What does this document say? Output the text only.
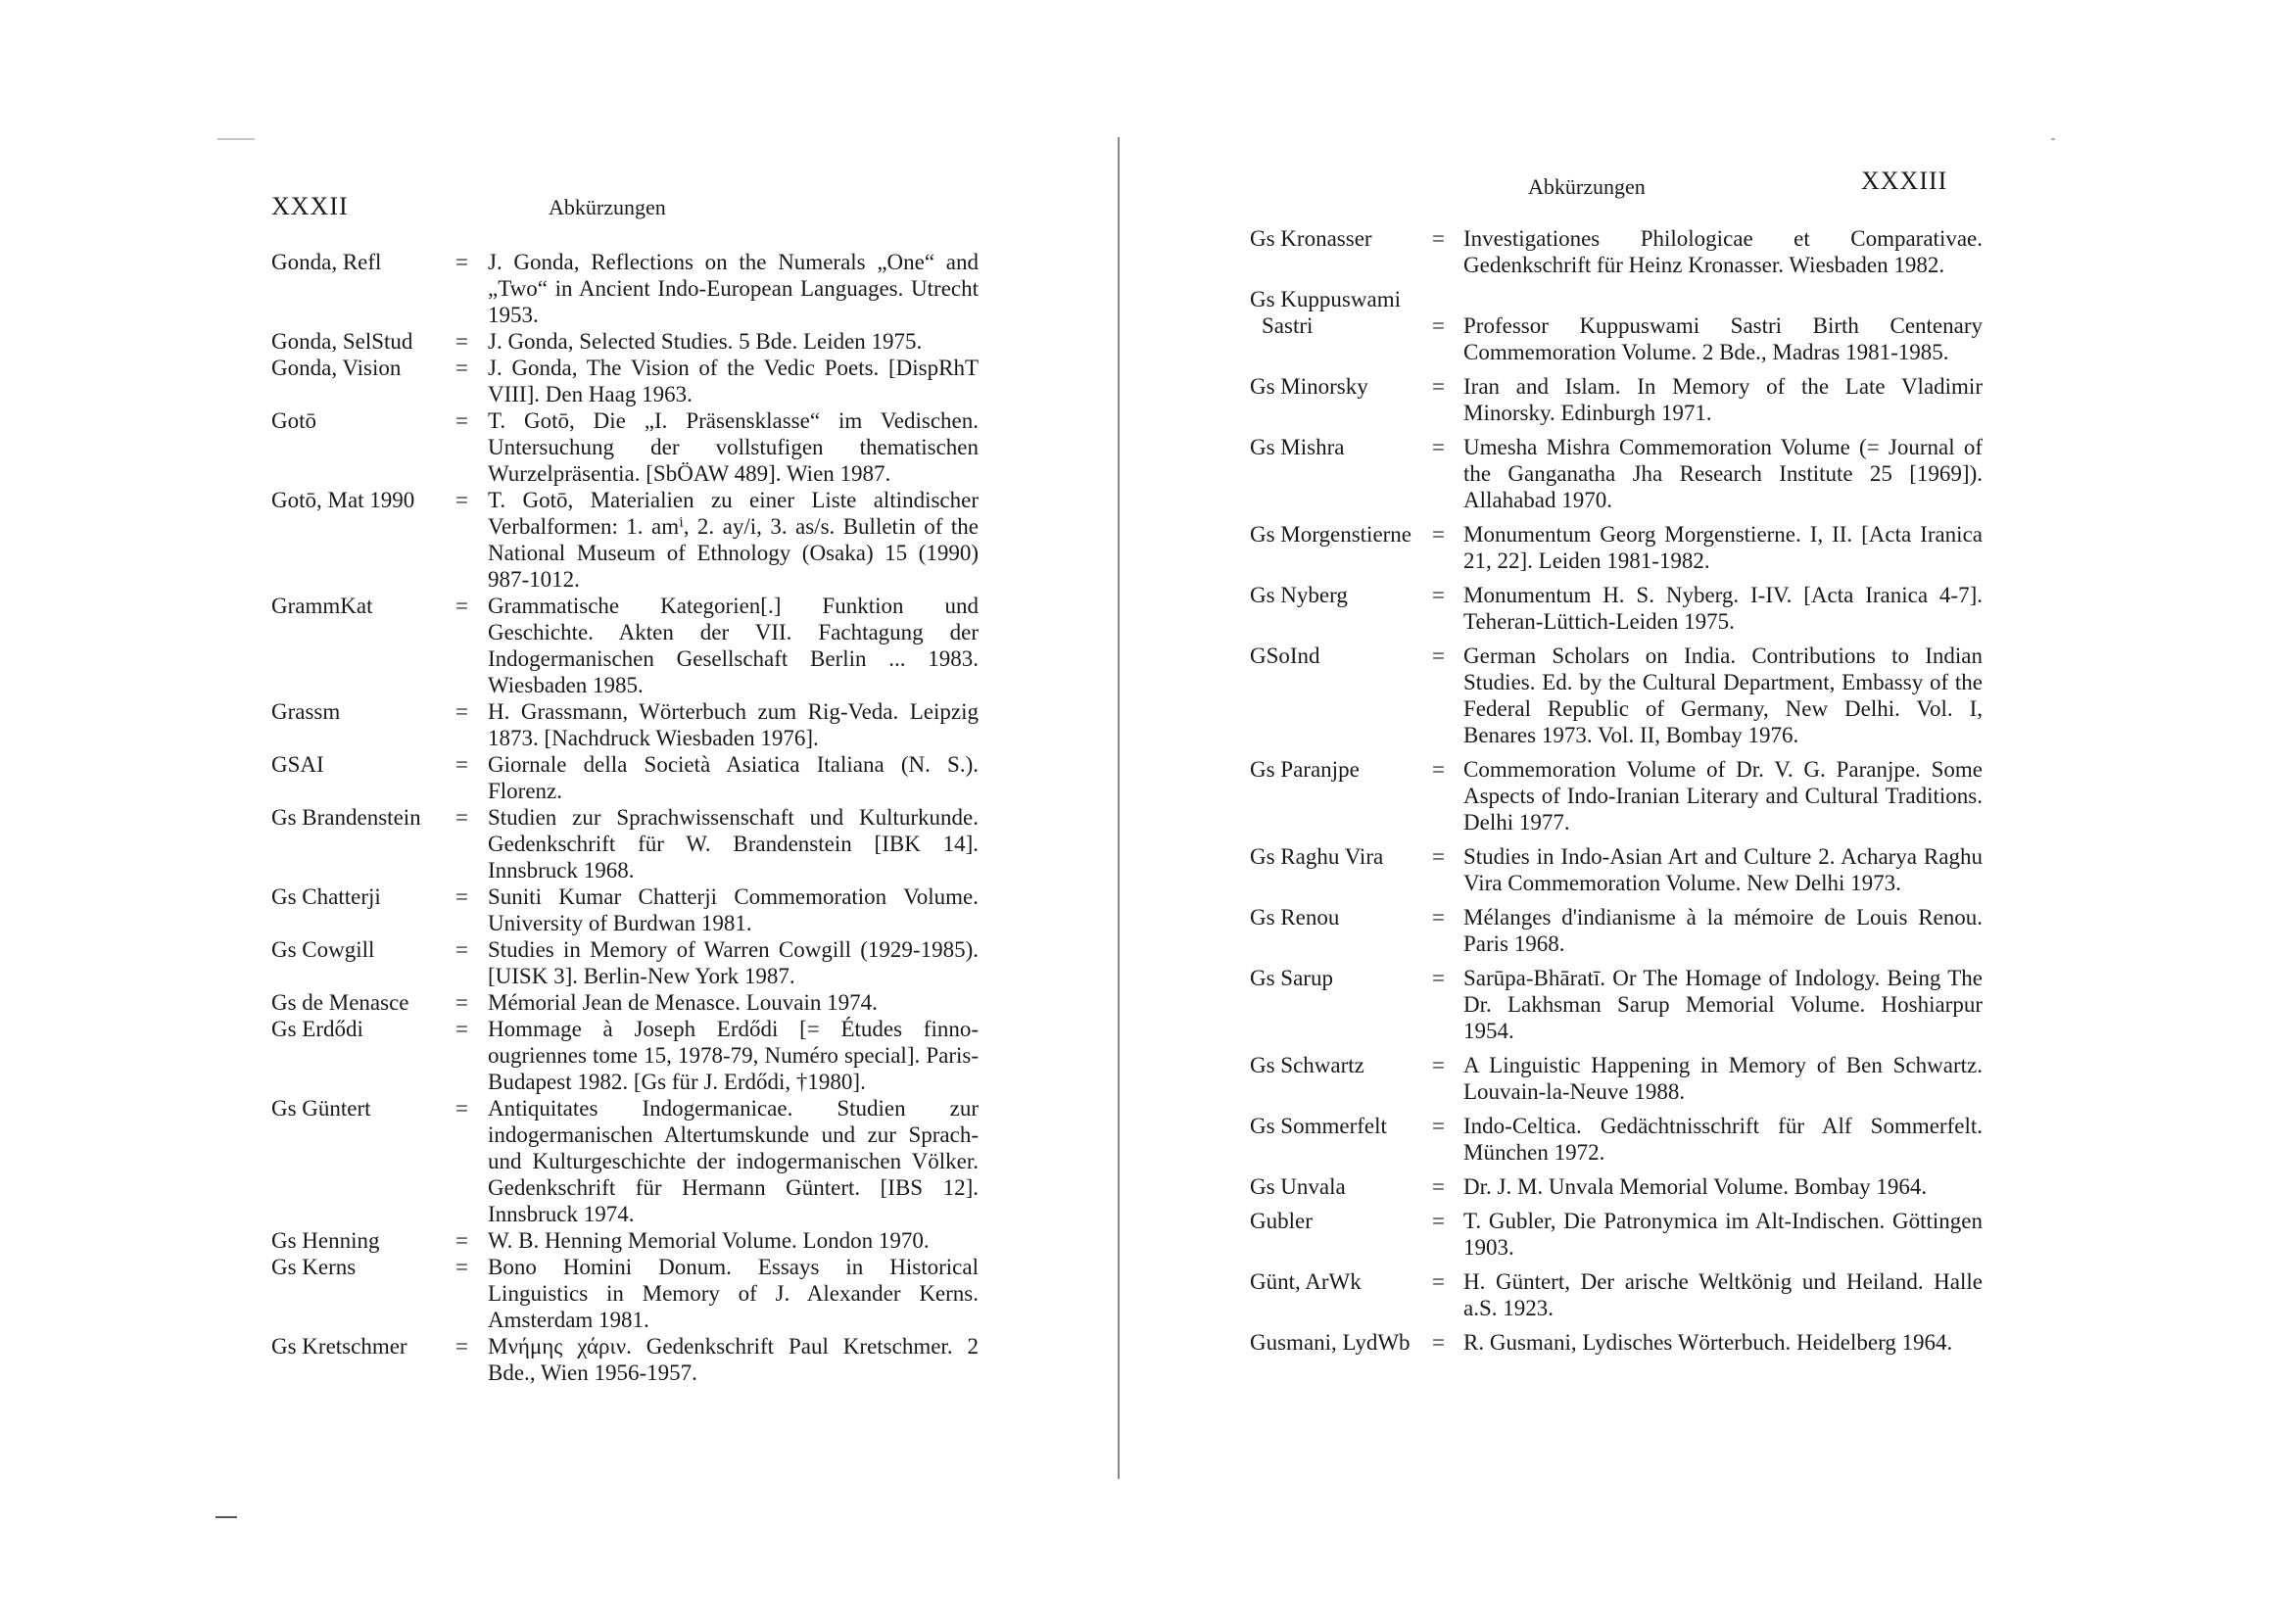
XXXII	Abkürzungen
Gonda, Refl	= J. Gonda, Reflections on the Numerals „One“ and „Two“ in Ancient Indo-European Languages. Utrecht 1953.
Gonda, SelStud = J. Gonda, Selected Studies. 5 Bde. Leiden 1975.
Gonda, Vision = J. Gonda, The Vision of the Vedic Poets. [DispRhT VIII]. Den Haag 1963.
Gotō	= T. Gotō, Die „I. Präsensklasse“ im Vedischen. Untersuchung der vollstufigen thematischen Wurzelpräsentia. [SbÖAW 489]. Wien 1987.
Gotō, Mat 1990 = T. Gotō, Materialien zu einer Liste altindischer Verbalformen: 1. amⁱ, 2. ay/i, 3. as/s. Bulletin of the National Museum of Ethnology (Osaka) 15 (1990) 987-1012.
GrammKat	= Grammatische Kategorien[.] Funktion und Geschichte. Akten der VII. Fachtagung der Indogermanischen Gesellschaft Berlin ... 1983. Wiesbaden 1985.
Grassm	= H. Grassmann, Wörterbuch zum Rig-Veda. Leipzig 1873. [Nachdruck Wiesbaden 1976].
GSAI	= Giornale della Società Asiatica Italiana (N. S.). Florenz.
Gs Brandenstein = Studien zur Sprachwissenschaft und Kulturkunde. Gedenkschrift für W. Brandenstein [IBK 14]. Innsbruck 1968.
Gs Chatterji	= Suniti Kumar Chatterji Commemoration Volume. University of Burdwan 1981.
Gs Cowgill	= Studies in Memory of Warren Cowgill (1929-1985). [UISK 3]. Berlin-New York 1987.
Gs de Menasce = Mémorial Jean de Menasce. Louvain 1974.
Gs Erdődi	= Hommage à Joseph Erdődi [= Études finno-ougriennes tome 15, 1978-79, Numéro special]. Paris-Budapest 1982. [Gs für J. Erdődi, †1980].
Gs Güntert	= Antiquitates Indogermanicae. Studien zur indogermanischen Altertumskunde und zur Sprach- und Kulturgeschichte der indogermanischen Völker. Gedenkschrift für Hermann Güntert. [IBS 12]. Innsbruck 1974.
Gs Henning	= W. B. Henning Memorial Volume. London 1970.
Gs Kerns	= Bono Homini Donum. Essays in Historical Linguistics in Memory of J. Alexander Kerns. Amsterdam 1981.
Gs Kretschmer = Μνήμης χάριν. Gedenkschrift Paul Kretschmer. 2 Bde., Wien 1956-1957.
Abkürzungen	XXXIII
Gs Kronasser	= Investigationes Philologicae et Comparativae. Gedenkschrift für Heinz Kronasser. Wiesbaden 1982.
Gs Kuppuswami
Sastri	= Professor Kuppuswami Sastri Birth Centenary Commemoration Volume. 2 Bde., Madras 1981-1985.
Gs Minorsky	= Iran and Islam. In Memory of the Late Vladimir Minorsky. Edinburgh 1971.
Gs Mishra	= Umesha Mishra Commemoration Volume (= Journal of the Ganganatha Jha Research Institute 25 [1969]). Allahabad 1970.
Gs Morgenstierne = Monumentum Georg Morgenstierne. I, II. [Acta Iranica 21, 22]. Leiden 1981-1982.
Gs Nyberg	= Monumentum H. S. Nyberg. I-IV. [Acta Iranica 4-7]. Teheran-Lüttich-Leiden 1975.
GSoInd	= German Scholars on India. Contributions to Indian Studies. Ed. by the Cultural Department, Embassy of the Federal Republic of Germany, New Delhi. Vol. I, Benares 1973. Vol. II, Bombay 1976.
Gs Paranjpe	= Commemoration Volume of Dr. V. G. Paranjpe. Some Aspects of Indo-Iranian Literary and Cultural Traditions. Delhi 1977.
Gs Raghu Vira = Studies in Indo-Asian Art and Culture 2. Acharya Raghu Vira Commemoration Volume. New Delhi 1973.
Gs Renou	= Mélanges d'indianisme à la mémoire de Louis Renou. Paris 1968.
Gs Sarup	= Sarūpa-Bhāratī. Or The Homage of Indology. Being The Dr. Lakhsman Sarup Memorial Volume. Hoshiarpur 1954.
Gs Schwartz	= A Linguistic Happening in Memory of Ben Schwartz. Louvain-la-Neuve 1988.
Gs Sommerfelt = Indo-Celtica. Gedächtnisschrift für Alf Sommerfelt. München 1972.
Gs Unvala	= Dr. J. M. Unvala Memorial Volume. Bombay 1964.
Gubler	= T. Gubler, Die Patronymica im Alt-Indischen. Göttingen 1903.
Günt, ArWk	= H. Güntert, Der arische Weltkönig und Heiland. Halle a.S. 1923.
Gusmani, LydWb = R. Gusmani, Lydisches Wörterbuch. Heidelberg 1964.
